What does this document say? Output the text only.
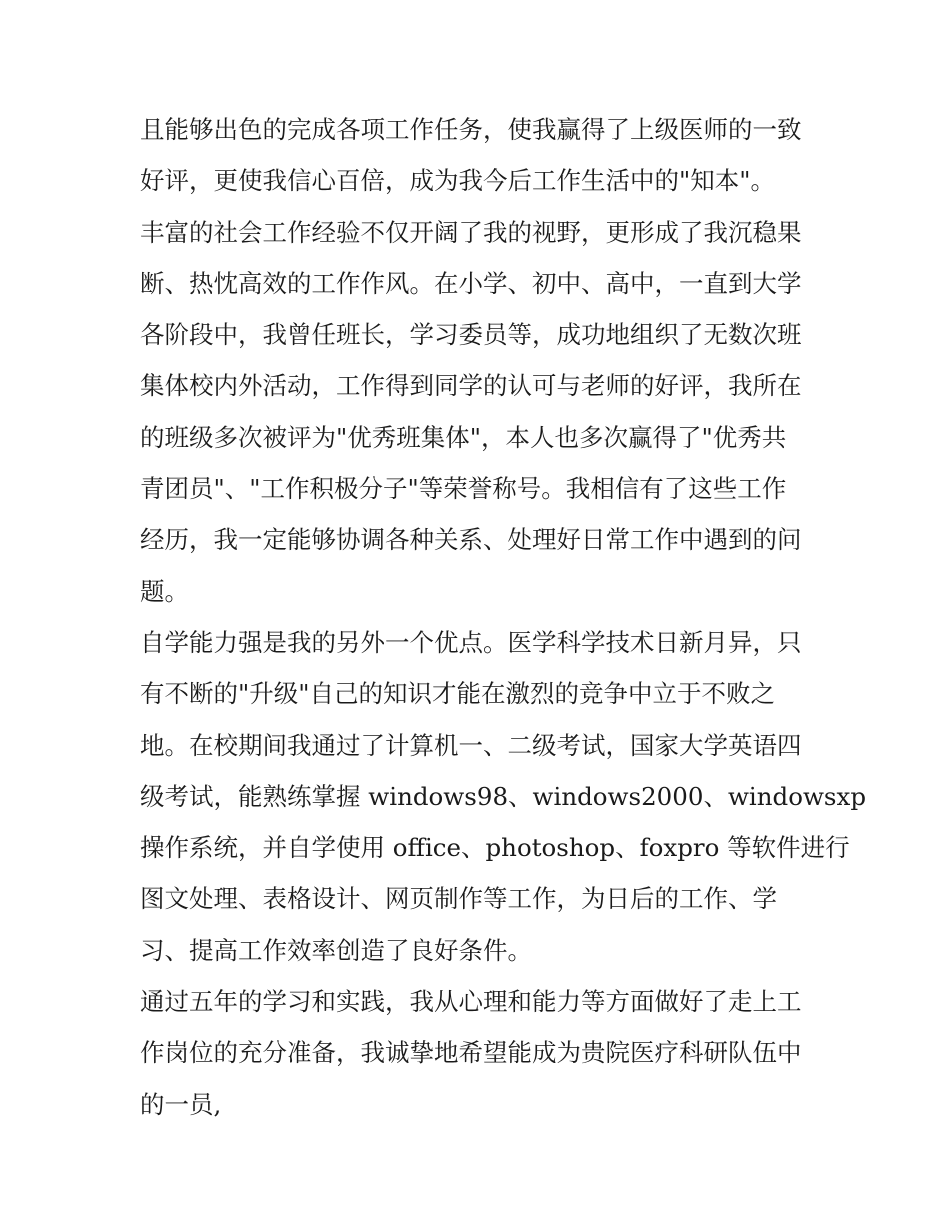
且能够出色的完成各项工作任务，使我赢得了上级医师的一致
好评，更使我信心百倍，成为我今后工作生活中的"知本"。
丰富的社会工作经验不仅开阔了我的视野，更形成了我沉稳果
断、热忱高效的工作作风。在小学、初中、高中，一直到大学
各阶段中，我曾任班长，学习委员等，成功地组织了无数次班
集体校内外活动，工作得到同学的认可与老师的好评，我所在
的班级多次被评为"优秀班集体"，本人也多次赢得了"优秀共
青团员"、"工作积极分子"等荣誉称号。我相信有了这些工作
经历，我一定能够协调各种关系、处理好日常工作中遇到的问
题。
自学能力强是我的另外一个优点。医学科学技术日新月异，只
有不断的"升级"自己的知识才能在激烈的竞争中立于不败之
地。在校期间我通过了计算机一、二级考试，国家大学英语四
级考试，能熟练掌握 windows98、windows2000、windowsxp
操作系统，并自学使用 office、photoshop、foxpro 等软件进行
图文处理、表格设计、网页制作等工作，为日后的工作、学
习、提高工作效率创造了良好条件。
通过五年的学习和实践，我从心理和能力等方面做好了走上工
作岗位的充分准备，我诚挚地希望能成为贵院医疗科研队伍中
的一员,
